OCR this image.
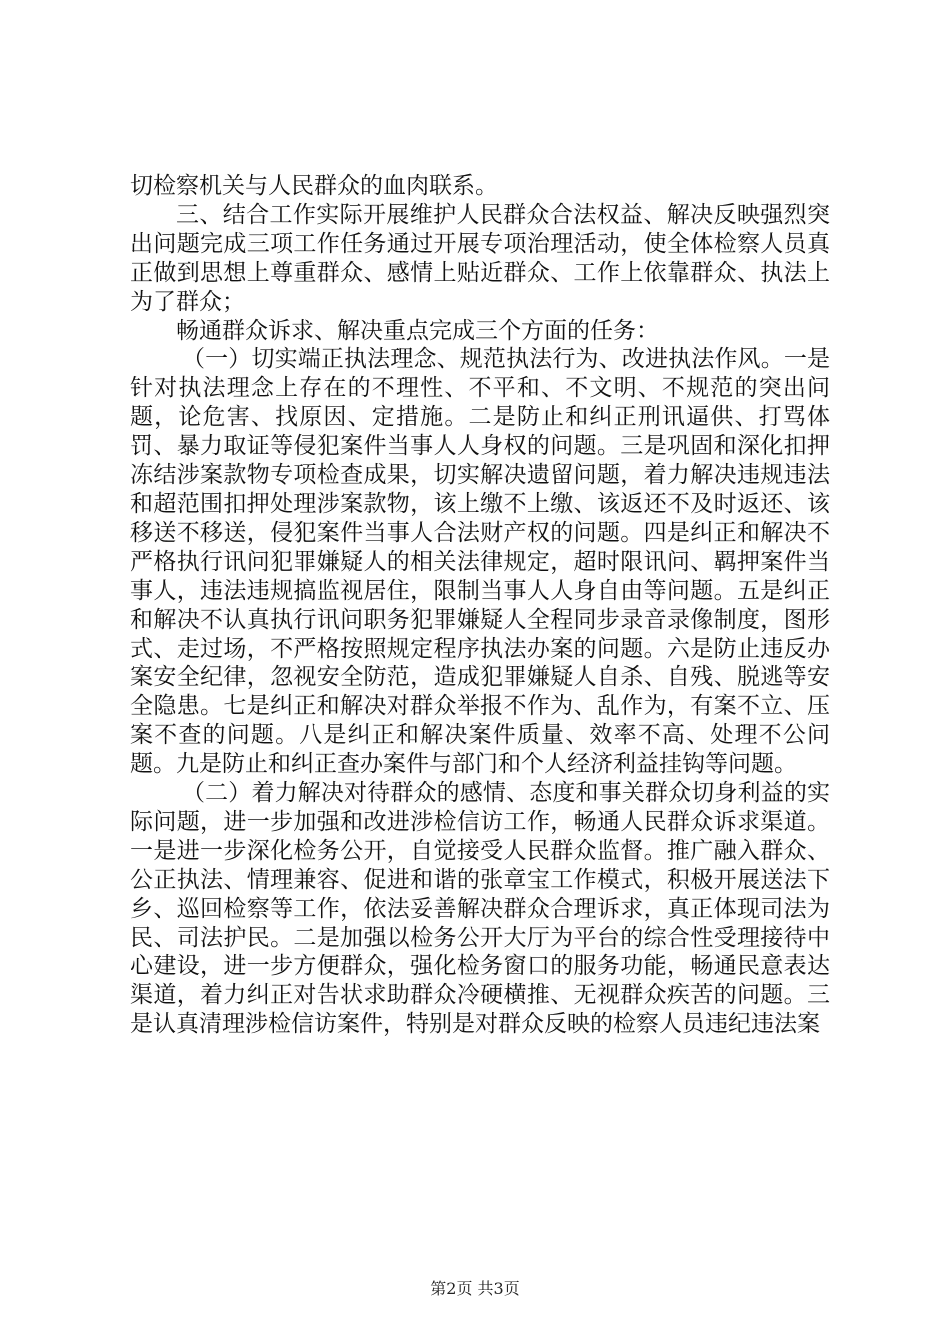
切检察机关与人民群众的血肉联系。

三、结合工作实际开展维护人民群众合法权益、解决反映强烈突出问题完成三项工作任务通过开展专项治理活动，使全体检察人员真正做到思想上尊重群众、感情上贴近群众、工作上依靠群众、执法上为了群众；

畅通群众诉求、解决重点完成三个方面的任务：

（一）切实端正执法理念、规范执法行为、改进执法作风。一是针对执法理念上存在的不理性、不平和、不文明、不规范的突出问题，论危害、找原因、定措施。二是防止和纠正刑讯逼供、打骂体罚、暴力取证等侵犯案件当事人人身权的问题。三是巩固和深化扣押冻结涉案款物专项检查成果，切实解决遗留问题，着力解决违规违法和超范围扣押处理涉案款物，该上缴不上缴、该返还不及时返还、该移送不移送，侵犯案件当事人合法财产权的问题。四是纠正和解决不严格执行讯问犯罪嫌疑人的相关法律规定，超时限讯问、羁押案件当事人，违法违规搞监视居住，限制当事人人身自由等问题。五是纠正和解决不认真执行讯问职务犯罪嫌疑人全程同步录音录像制度，图形式、走过场，不严格按照规定程序执法办案的问题。六是防止违反办案安全纪律，忽视安全防范，造成犯罪嫌疑人自杀、自残、脱逃等安全隐患。七是纠正和解决对群众举报不作为、乱作为，有案不立、压案不查的问题。八是纠正和解决案件质量、效率不高、处理不公问题。九是防止和纠正查办案件与部门和个人经济利益挂钩等问题。

（二）着力解决对待群众的感情、态度和事关群众切身利益的实际问题，进一步加强和改进涉检信访工作，畅通人民群众诉求渠道。一是进一步深化检务公开，自觉接受人民群众监督。推广融入群众、公正执法、情理兼容、促进和谐的张章宝工作模式，积极开展送法下乡、巡回检察等工作，依法妥善解决群众合理诉求，真正体现司法为民、司法护民。二是加强以检务公开大厅为平台的综合性受理接待中心建设，进一步方便群众，强化检务窗口的服务功能，畅通民意表达渠道，着力纠正对告状求助群众冷硬横推、无视群众疾苦的问题。三是认真清理涉检信访案件，特别是对群众反映的检察人员违纪违法案

第2页 共3页
